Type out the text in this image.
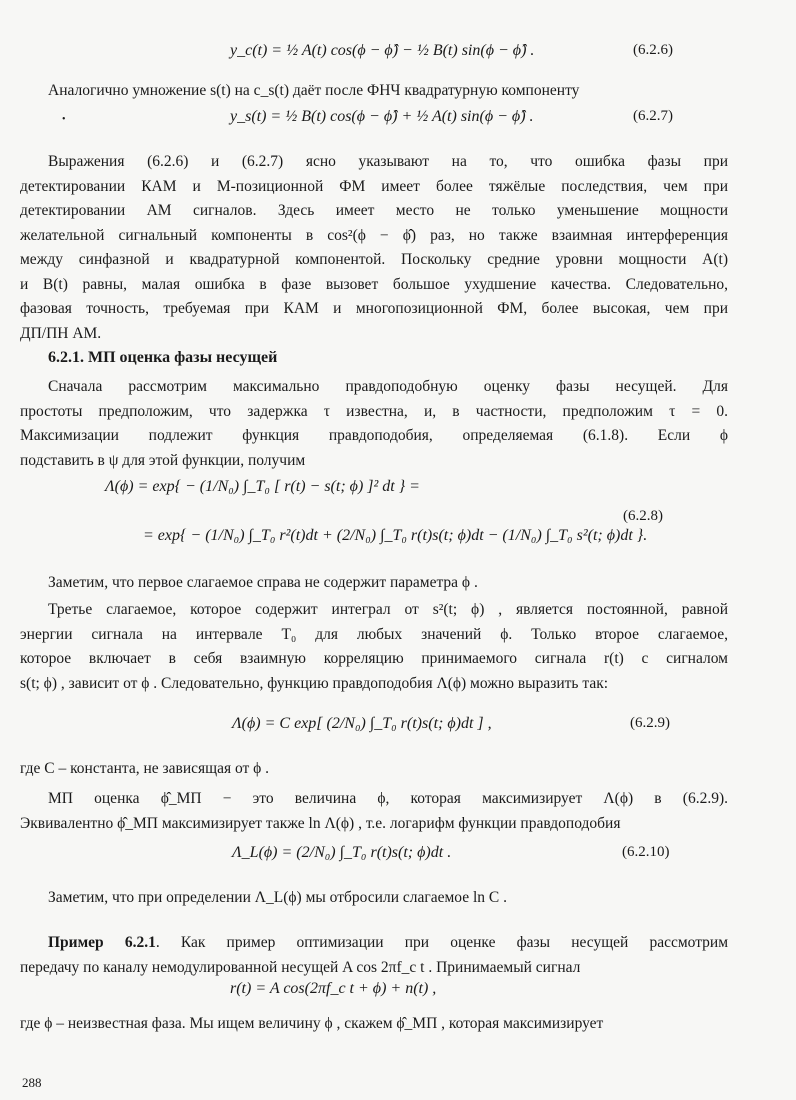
y_c(t) = ½ A(t) cos(ϕ − ϕ̂) − ½ B(t) sin(ϕ − ϕ̂) .	(6.2.6)
Аналогично умножение s(t) на c_s(t) даёт после ФНЧ квадратурную компоненту
•	y_s(t) = ½ B(t) cos(ϕ − ϕ̂) + ½ A(t) sin(ϕ − ϕ̂) .	(6.2.7)
Выражения (6.2.6) и (6.2.7) ясно указывают на то, что ошибка фазы при
детектировании КАМ и M-позиционной ФМ имеет более тяжёлые последствия, чем при
детектировании АМ сигналов. Здесь имеет место не только уменьшение мощности
желательной сигнальный компоненты в cos²(ϕ − ϕ̂) раз, но также взаимная интерференция
между синфазной и квадратурной компонентой. Поскольку средние уровни мощности A(t)
и B(t) равны, малая ошибка в фазе вызовет большое ухудшение качества. Следовательно,
фазовая точность, требуемая при КАМ и многопозиционной ФМ, более высокая, чем при
ДП/ПН АМ.
6.2.1. МП оценка фазы несущей
Сначала рассмотрим максимально правдоподобную оценку фазы несущей. Для
простоты предположим, что задержка τ известна, и, в частности, предположим τ = 0.
Максимизации подлежит функция правдоподобия, определяемая (6.1.8). Если ϕ
подставить в ψ для этой функции, получим
Λ(ϕ) = exp{ − (1/N₀) ∫_T₀ [ r(t) − s(t; ϕ) ]² dt } =
= exp{ − (1/N₀) ∫_T₀ r²(t)dt + (2/N₀) ∫_T₀ r(t)s(t; ϕ)dt − (1/N₀) ∫_T₀ s²(t; ϕ)dt }.
(6.2.8)
Заметим, что первое слагаемое справа не содержит параметра ϕ .
Третье слагаемое, которое содержит интеграл от s²(t; ϕ) , является постоянной, равной
энергии сигнала на интервале T₀ для любых значений ϕ. Только второе слагаемое,
которое включает в себя взаимную корреляцию принимаемого сигнала r(t) с сигналом
s(t; ϕ) , зависит от ϕ . Следовательно, функцию правдоподобия Λ(ϕ) можно выразить так:
Λ(ϕ) = C exp[ (2/N₀) ∫_T₀ r(t)s(t; ϕ)dt ] ,	(6.2.9)
где C – константа, не зависящая от ϕ .
МП оценка ϕ̂_МП − это величина ϕ, которая максимизирует Λ(ϕ) в (6.2.9).
Эквивалентно ϕ̂_МП максимизирует также ln Λ(ϕ) , т.е. логарифм функции правдоподобия
Λ_L(ϕ) = (2/N₀) ∫_T₀ r(t)s(t; ϕ)dt .	(6.2.10)
Заметим, что при определении Λ_L(ϕ) мы отбросили слагаемое ln C .
Пример 6.2.1. Как пример оптимизации при оценке фазы несущей рассмотрим
передачу по каналу немодулированной несущей A cos 2πf_c t . Принимаемый сигнал
r(t) = A cos(2πf_c t + ϕ) + n(t) ,
где ϕ – неизвестная фаза. Мы ищем величину ϕ , скажем ϕ̂_МП , которая максимизирует
288
